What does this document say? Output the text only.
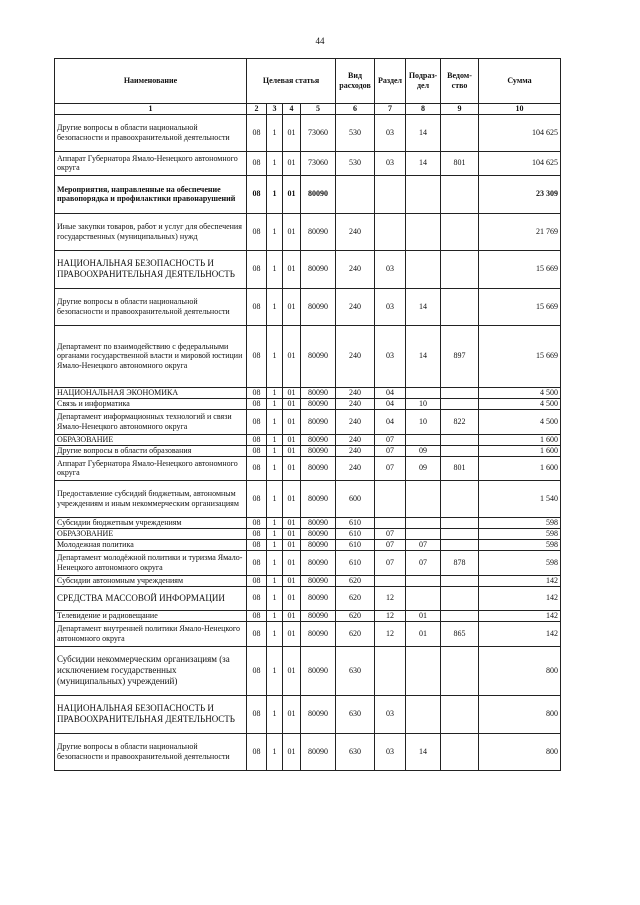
44
Наименование	Целевая статья				Вид расходов	Раздел	Подраз-дел	Ведом-ство	Сумма
1	2	3	4	5	6	7	8	9	10
Другие вопросы в области национальной безопасности и правоохранительной деятельности	08	1	01	73060	530	03	14		104 625
Аппарат Губернатора Ямало-Ненецкого автономного округа	08	1	01	73060	530	03	14	801	104 625
Мероприятия, направленные на обеспечение правопорядка и профилактики правонарушений	08	1	01	80090					23 309
Иные закупки товаров, работ и услуг для обеспечения государственных (муниципальных) нужд	08	1	01	80090	240				21 769
НАЦИОНАЛЬНАЯ БЕЗОПАСНОСТЬ И ПРАВООХРАНИТЕЛЬНАЯ ДЕЯТЕЛЬНОСТЬ	08	1	01	80090	240	03			15 669
Другие вопросы в области национальной безопасности и правоохранительной деятельности	08	1	01	80090	240	03	14		15 669
Департамент по взаимодействию с федеральными органами государственной власти и мировой юстиции Ямало-Ненецкого автономного округа	08	1	01	80090	240	03	14	897	15 669
НАЦИОНАЛЬНАЯ ЭКОНОМИКА	08	1	01	80090	240	04			4 500
Связь и информатика	08	1	01	80090	240	04	10		4 500
Департамент информационных технологий и связи Ямало-Ненецкого автономного округа	08	1	01	80090	240	04	10	822	4 500
ОБРАЗОВАНИЕ	08	1	01	80090	240	07			1 600
Другие вопросы в области образования	08	1	01	80090	240	07	09		1 600
Аппарат Губернатора Ямало-Ненецкого автономного округа	08	1	01	80090	240	07	09	801	1 600
Предоставление субсидий бюджетным, автономным учреждениям и иным некоммерческим организациям	08	1	01	80090	600				1 540
Субсидии бюджетным учреждениям	08	1	01	80090	610				598
ОБРАЗОВАНИЕ	08	1	01	80090	610	07			598
Молодежная политика	08	1	01	80090	610	07	07		598
Департамент молодёжной политики и туризма Ямало-Ненецкого автономного округа	08	1	01	80090	610	07	07	878	598
Субсидии автономным учреждениям	08	1	01	80090	620				142
СРЕДСТВА МАССОВОЙ ИНФОРМАЦИИ	08	1	01	80090	620	12			142
Телевидение и радиовещание	08	1	01	80090	620	12	01		142
Департамент внутренней политики Ямало-Ненецкого автономного округа	08	1	01	80090	620	12	01	865	142
Субсидии некоммерческим организациям (за исключением государственных (муниципальных) учреждений)	08	1	01	80090	630				800
НАЦИОНАЛЬНАЯ БЕЗОПАСНОСТЬ И ПРАВООХРАНИТЕЛЬНАЯ ДЕЯТЕЛЬНОСТЬ	08	1	01	80090	630	03			800
Другие вопросы в области национальной безопасности и правоохранительной деятельности	08	1	01	80090	630	03	14		800
